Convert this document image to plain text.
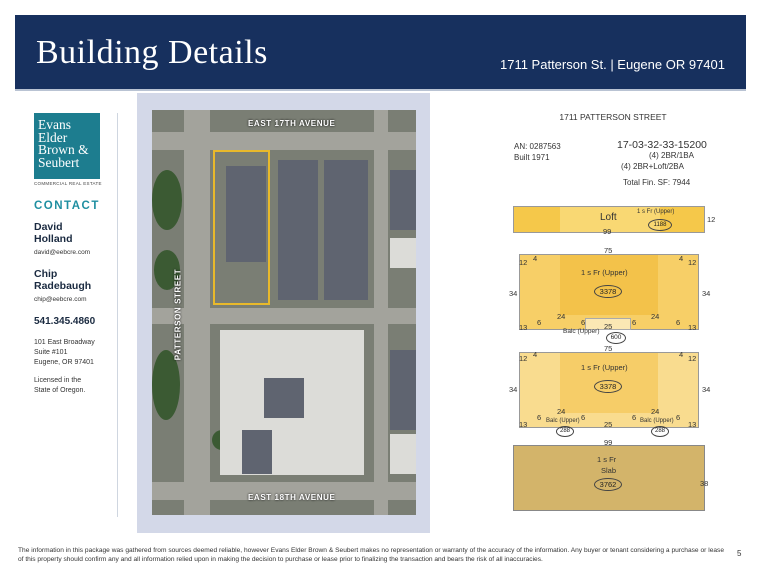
Building Details	1711 Patterson St. | Eugene OR 97401
Evans
Elder
Brown &
Seubert
COMMERCIAL REAL ESTATE
CONTACT
David
Holland
david@eebcre.com
Chip
Radebaugh
chip@eebcre.com
541.345.4860
101 East Broadway
Suite #101
Eugene, OR 97401
Licensed in the
State of Oregon.
EAST 17TH AVENUE
EAST 18TH AVENUE
PATTERSON STREET
1711 PATTERSON STREET
AN: 0287563
Built 1971
17-03-32-33-15200
(4) 2BR/1BA
(4) 2BR+Loft/2BA
Total Fin. SF: 7944
Loft	1 s Fr (Upper)
1188
12
99
1 s Fr (Upper)
3378
Balc (Upper)
600
75
12 4	4 12
34	34
13	13
6	6	6	6
24	24
25
1 s Fr (Upper)
3378
Balc (Upper)
288
Balc (Upper)
288
75
12 4	4 12
34	34
13	13
6	6	6	6
24	24
25
99
1 s Fr
Slab
3762	38
The information in this package was gathered from sources deemed reliable, however Evans Elder Brown & Seubert makes no representation or warranty of the accuracy of the information. Any buyer or tenant considering a purchase or lease of this property should confirm any and all information relied upon in making the decision to purchase or lease prior to finalizing the transaction and bears the risk of all inaccuracies.
5
